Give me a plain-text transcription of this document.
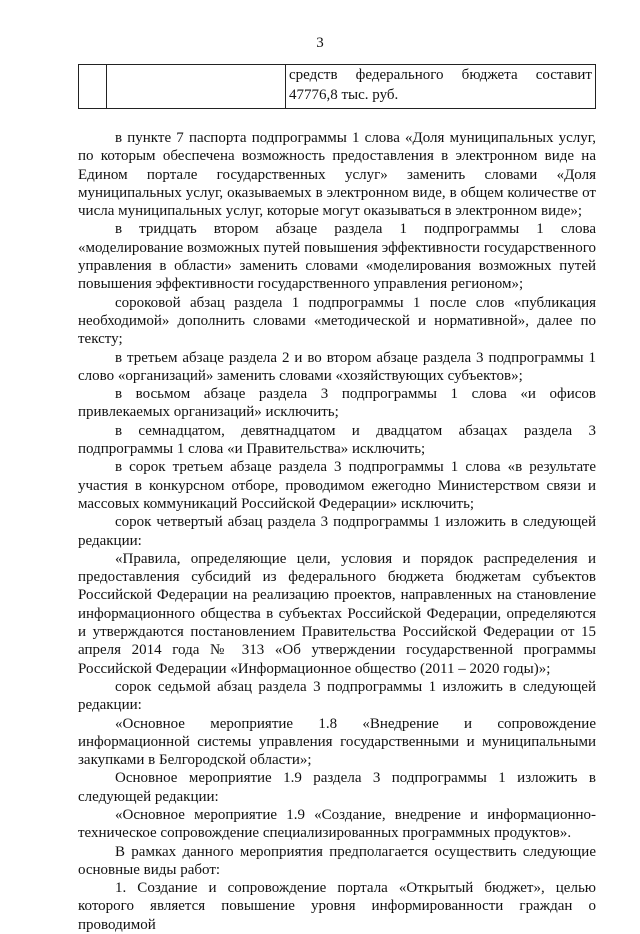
3
		средств федерального бюджета составит

47776,8 тыс. руб.

в пункте 7 паспорта подпрограммы 1 слова «Доля муниципальных услуг, по которым обеспечена возможность предоставления в электронном виде на Едином портале государственных услуг» заменить словами «Доля муниципальных услуг, оказываемых в электронном виде, в общем количестве от числа муниципальных услуг, которые могут оказываться в электронном виде»;

в тридцать втором абзаце раздела 1 подпрограммы 1 слова «моделирование возможных путей повышения эффективности государственного управления в области» заменить словами «моделирования возможных путей повышения эффективности государственного управления регионом»;

сороковой абзац раздела 1 подпрограммы 1 после слов «публикация необходимой» дополнить словами «методической и нормативной», далее по тексту;

в третьем абзаце раздела 2 и во втором абзаце раздела 3 подпрограммы 1 слово «организаций» заменить словами «хозяйствующих субъектов»;

в восьмом абзаце раздела 3 подпрограммы 1 слова «и офисов привлекаемых организаций» исключить;

в семнадцатом, девятнадцатом и двадцатом абзацах раздела 3 подпрограммы 1 слова «и Правительства» исключить;

в сорок третьем абзаце раздела 3 подпрограммы 1 слова «в результате участия в конкурсном отборе, проводимом ежегодно Министерством связи и массовых коммуникаций Российской Федерации» исключить;

сорок четвертый абзац раздела 3 подпрограммы 1 изложить в следующей редакции:

«Правила, определяющие цели, условия и порядок распределения и предоставления субсидий из федерального бюджета бюджетам субъектов Российской Федерации на реализацию проектов, направленных на становление информационного общества в субъектах Российской Федерации, определяются и утверждаются постановлением Правительства Российской Федерации от 15 апреля 2014 года № 313 «Об утверждении государственной программы Российской Федерации «Информационное общество (2011 – 2020 годы)»;

сорок седьмой абзац раздела 3 подпрограммы 1 изложить в следующей редакции:

«Основное мероприятие 1.8 «Внедрение и сопровождение информационной системы управления государственными и муниципальными закупками в Белгородской области»;

Основное мероприятие 1.9 раздела 3 подпрограммы 1 изложить в следующей редакции:

«Основное мероприятие 1.9 «Создание, внедрение и информационно-техническое сопровождение специализированных программных продуктов».

В рамках данного мероприятия предполагается осуществить следующие основные виды работ:

1. Создание и сопровождение портала «Открытый бюджет», целью которого является повышение уровня информированности граждан о проводимой
